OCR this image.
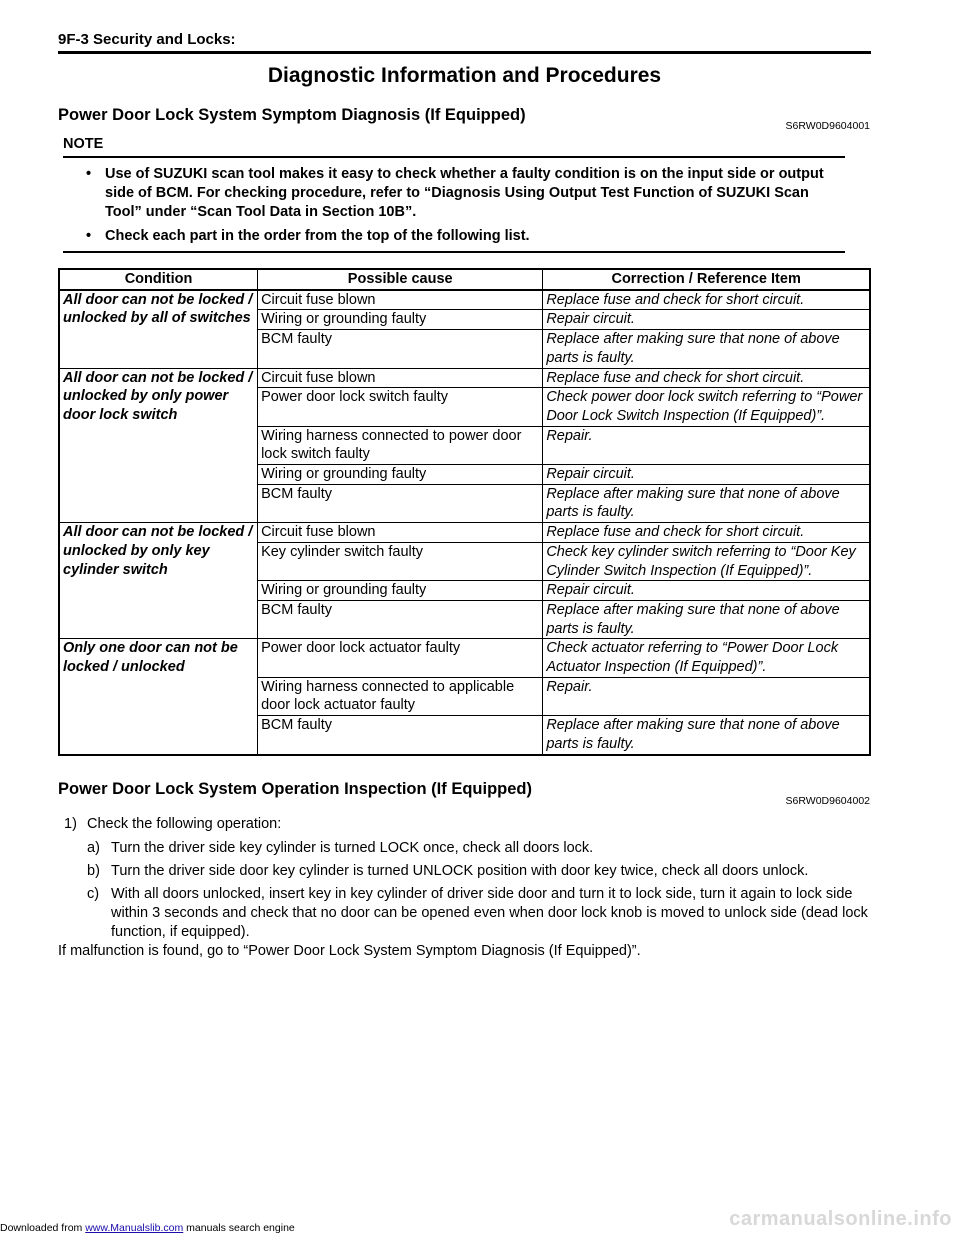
9F-3 Security and Locks:
Diagnostic Information and Procedures
Power Door Lock System Symptom Diagnosis (If Equipped)
S6RW0D9604001
NOTE
• Use of SUZUKI scan tool makes it easy to check whether a faulty condition is on the input side or output side of BCM. For checking procedure, refer to “Diagnosis Using Output Test Function of SUZUKI Scan Tool” under “Scan Tool Data in Section 10B”.
• Check each part in the order from the top of the following list.
Condition	Possible cause	Correction / Reference Item
All door can not be locked / unlocked by all of switches	Circuit fuse blown	Replace fuse and check for short circuit.
	Wiring or grounding faulty	Repair circuit.
	BCM faulty	Replace after making sure that none of above parts is faulty.
All door can not be locked / unlocked by only power door lock switch	Circuit fuse blown	Replace fuse and check for short circuit.
	Power door lock switch faulty	Check power door lock switch referring to “Power Door Lock Switch Inspection (If Equipped)”.
	Wiring harness connected to power door lock switch faulty	Repair.
	Wiring or grounding faulty	Repair circuit.
	BCM faulty	Replace after making sure that none of above parts is faulty.
All door can not be locked / unlocked by only key cylinder switch	Circuit fuse blown	Replace fuse and check for short circuit.
	Key cylinder switch faulty	Check key cylinder switch referring to “Door Key Cylinder Switch Inspection (If Equipped)”.
	Wiring or grounding faulty	Repair circuit.
	BCM faulty	Replace after making sure that none of above parts is faulty.
Only one door can not be locked / unlocked	Power door lock actuator faulty	Check actuator referring to “Power Door Lock Actuator Inspection (If Equipped)”.
	Wiring harness connected to applicable door lock actuator faulty	Repair.
	BCM faulty	Replace after making sure that none of above parts is faulty.
Power Door Lock System Operation Inspection (If Equipped)
S6RW0D9604002
1) Check the following operation:
a) Turn the driver side key cylinder is turned LOCK once, check all doors lock.
b) Turn the driver side door key cylinder is turned UNLOCK position with door key twice, check all doors unlock.
c) With all doors unlocked, insert key in key cylinder of driver side door and turn it to lock side, turn it again to lock side within 3 seconds and check that no door can be opened even when door lock knob is moved to unlock side (dead lock function, if equipped).
If malfunction is found, go to “Power Door Lock System Symptom Diagnosis (If Equipped)”.
Downloaded from www.Manualslib.com manuals search engine	carmanualsonline.info
